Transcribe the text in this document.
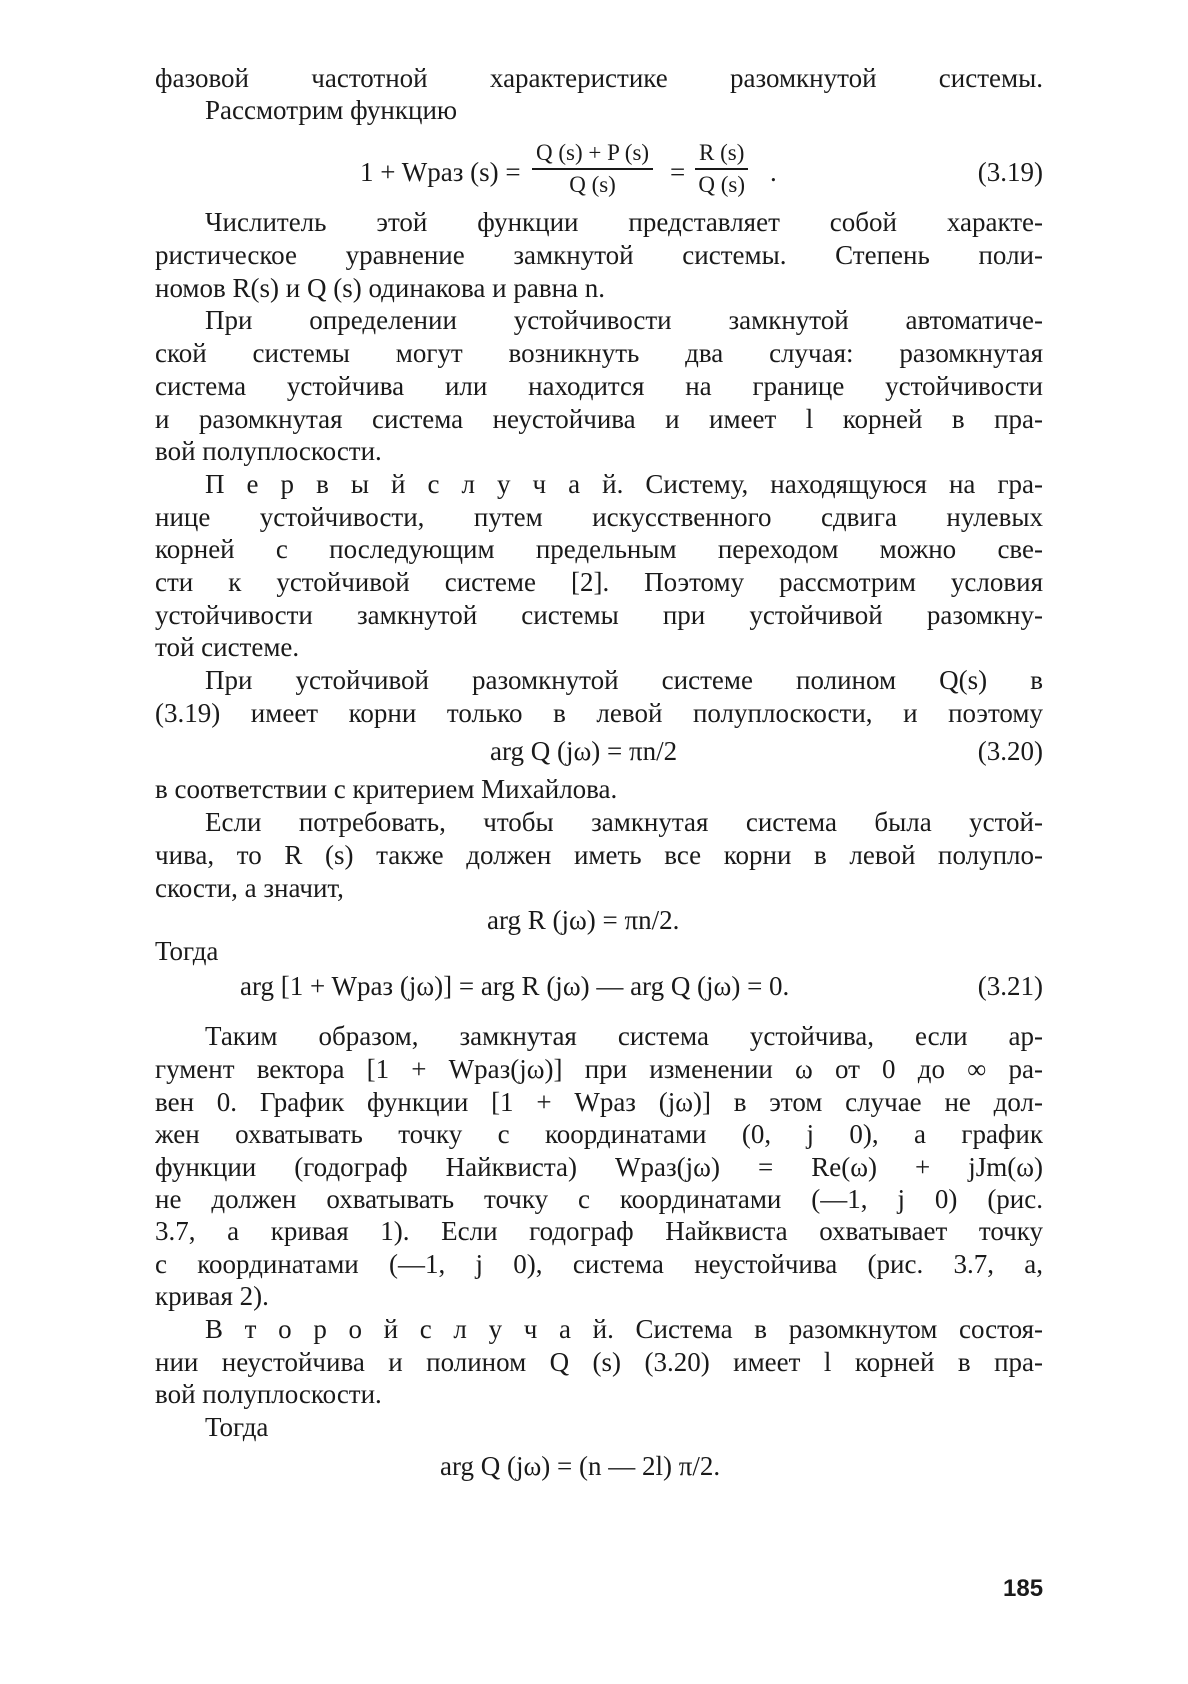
фазовой частотной характеристике разомкнутой системы.
Рассмотрим функцию
Числитель этой функции представляет собой характе-
ристическое уравнение замкнутой системы. Степень поли-
номов R(s) и Q (s) одинакова и равна n.
При определении устойчивости замкнутой автоматиче-
ской системы могут возникнуть два случая: разомкнутая
система устойчива или находится на границе устойчивости
и разомкнутая система неустойчива и имеет l корней в пра-
вой полуплоскости.
П е р в ы й с л у ч а й. Систему, находящуюся на гра-
нице устойчивости, путем искусственного сдвига нулевых
корней с последующим предельным переходом можно све-
сти к устойчивой системе [2]. Поэтому рассмотрим условия
устойчивости замкнутой системы при устойчивой разомкну-
той системе.
При устойчивой разомкнутой системе полином Q(s) в
(3.19) имеет корни только в левой полуплоскости, и поэтому
в соответствии с критерием Михайлова.
Если потребовать, чтобы замкнутая система была устой-
чива, то R (s) также должен иметь все корни в левой полупло-
скости, а значит,
Тогда
Таким образом, замкнутая система устойчива, если ар-
гумент вектора [1 + Wраз(jω)] при изменении ω от 0 до ∞ ра-
вен 0. График функции [1 + Wраз (jω)] в этом случае не дол-
жен охватывать точку с координатами (0, j 0), а график
функции (годограф Найквиста) Wраз(jω) = Re(ω) + jJm(ω)
не должен охватывать точку с координатами (—1, j 0) (рис.
3.7, а кривая 1). Если годограф Найквиста охватывает точку
с координатами (—1, j 0), система неустойчива (рис. 3.7, а,
кривая 2).
В т о р о й с л у ч а й. Система в разомкнутом состоя-
нии неустойчива и полином Q (s) (3.20) имеет l корней в пра-
вой полуплоскости.
Тогда
1 + Wраз $(s) = \frac{Q (s) + P (s)}{Q (s)} = \frac{R (s)}{Q (s)}$ .	(3.19)
arg Q (jω) = πn/2	(3.20)
arg R (jω) = πn/2.
arg [1 + Wраз (jω)] = arg R (jω) — arg Q (jω) = 0.	(3.21)
arg Q (jω) = (n — 2l) π/2.
185
